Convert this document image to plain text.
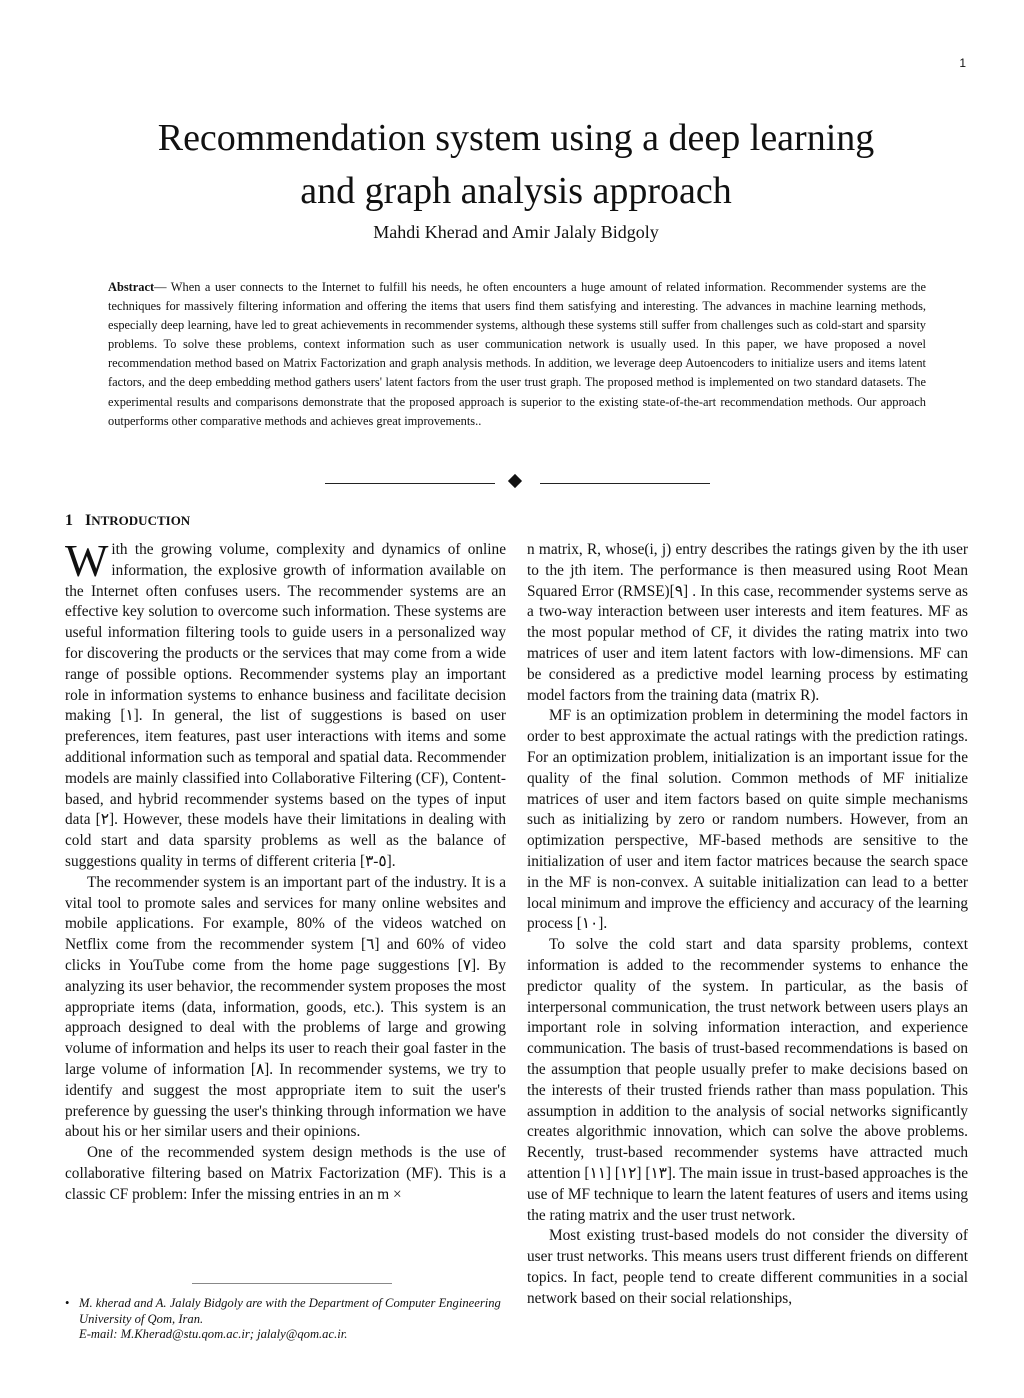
1
Recommendation system using a deep learning
and graph analysis approach
Mahdi Kherad and Amir Jalaly Bidgoly
Abstract— When a user connects to the Internet to fulfill his needs, he often encounters a huge amount of related information. Recommender systems are the techniques for massively filtering information and offering the items that users find them satisfying and interesting. The advances in machine learning methods, especially deep learning, have led to great achievements in recommender systems, although these systems still suffer from challenges such as cold-start and sparsity problems. To solve these problems, context information such as user communication network is usually used. In this paper, we have proposed a novel recommendation method based on Matrix Factorization and graph analysis methods. In addition, we leverage deep Autoencoders to initialize users and items latent factors, and the deep embedding method gathers users' latent factors from the user trust graph. The proposed method is implemented on two standard datasets. The experimental results and comparisons demonstrate that the proposed approach is superior to the existing state-of-the-art recommendation methods. Our approach outperforms other comparative methods and achieves great improvements..
1 INTRODUCTION

With the growing volume, complexity and dynamics of online information, the explosive growth of information available on the Internet often confuses users. The recommender systems are an effective key solution to overcome such information. These systems are useful information filtering tools to guide users in a personalized way for discovering the products or the services that may come from a wide range of possible options. Recommender systems play an important role in information systems to enhance business and facilitate decision making [١]. In general, the list of suggestions is based on user preferences, item features, past user interactions with items and some additional information such as temporal and spatial data. Recommender models are mainly classified into Collaborative Filtering (CF), Content-based, and hybrid recommender systems based on the types of input data [٢]. However, these models have their limitations in dealing with cold start and data sparsity problems as well as the balance of suggestions quality in terms of different criteria [٥-٣].

The recommender system is an important part of the industry. It is a vital tool to promote sales and services for many online websites and mobile applications. For example, 80% of the videos watched on Netflix come from the recommender system [٦] and 60% of video clicks in YouTube come from the home page suggestions [٧]. By analyzing its user behavior, the recommender system proposes the most appropriate items (data, information, goods, etc.). This system is an approach designed to deal with the problems of large and growing volume of information and helps its user to reach their goal faster in the large volume of information [٨]. In recommender systems, we try to identify and suggest the most appropriate item to suit the user's preference by guessing the user's thinking through information we have about his or her similar users and their opinions.

One of the recommended system design methods is the use of collaborative filtering based on Matrix Factorization (MF). This is a classic CF problem: Infer the missing entries in an m ×

n matrix, R, whose(i, j) entry describes the ratings given by the ith user to the jth item. The performance is then measured using Root Mean Squared Error (RMSE)[٩] . In this case, recommender systems serve as a two-way interaction between user interests and item features. MF as the most popular method of CF, it divides the rating matrix into two matrices of user and item latent factors with low-dimensions. MF can be considered as a predictive model learning process by estimating model factors from the training data (matrix R).

MF is an optimization problem in determining the model factors in order to best approximate the actual ratings with the prediction ratings. For an optimization problem, initialization is an important issue for the quality of the final solution. Common methods of MF initialize matrices of user and item factors based on quite simple mechanisms such as initializing by zero or random numbers. However, from an optimization perspective, MF-based methods are sensitive to the initialization of user and item factor matrices because the search space in the MF is non-convex. A suitable initialization can lead to a better local minimum and improve the efficiency and accuracy of the learning process [١٠].

To solve the cold start and data sparsity problems, context information is added to the recommender systems to enhance the predictor quality of the system. In particular, as the basis of interpersonal communication, the trust network between users plays an important role in solving information interaction, and experience communication. The basis of trust-based recommendations is based on the assumption that people usually prefer to make decisions based on the interests of their trusted friends rather than mass population. This assumption in addition to the analysis of social networks significantly creates algorithmic innovation, which can solve the above problems. Recently, trust-based recommender systems have attracted much attention [١١] [١٢] [١٣]. The main issue in trust-based approaches is the use of MF technique to learn the latent features of users and items using the rating matrix and the user trust network.

Most existing trust-based models do not consider the diversity of user trust networks. This means users trust different friends on different topics. In fact, people tend to create different communities in a social network based on their social relationships,

• M. kherad and A. Jalaly Bidgoly are with the Department of Computer Engineering University of Qom, Iran.
E-mail: M.Kherad@stu.qom.ac.ir; jalaly@qom.ac.ir.
